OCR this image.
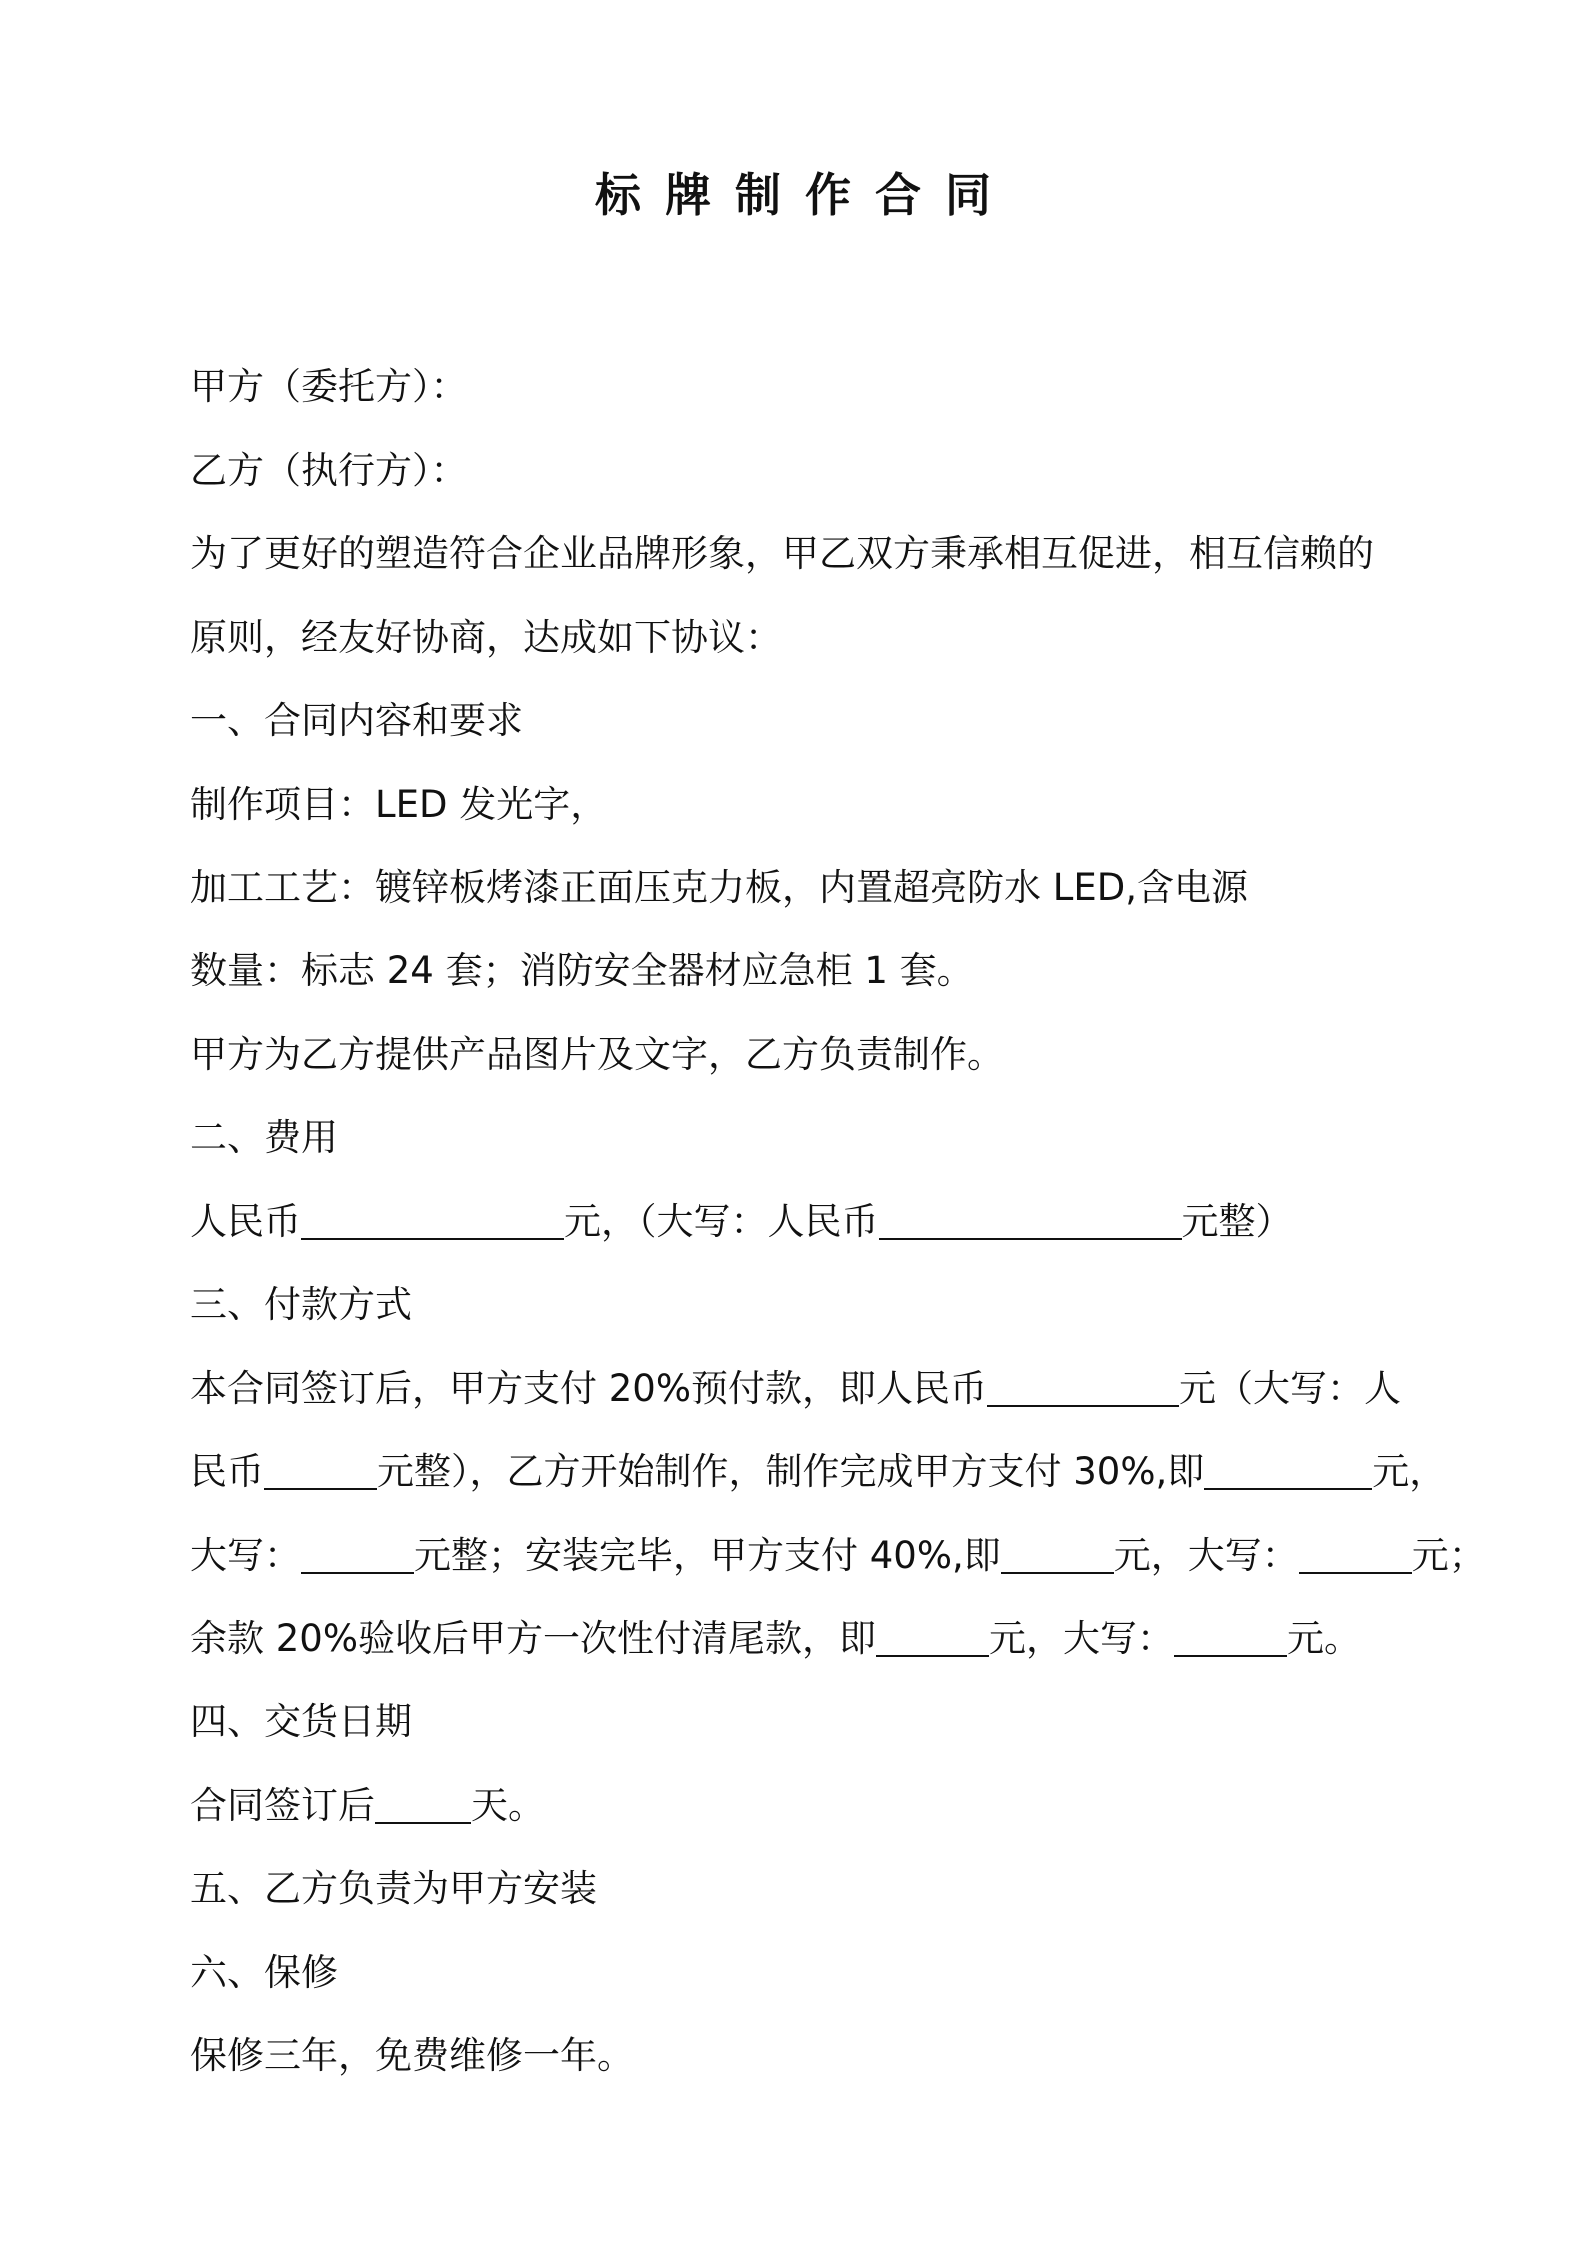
标牌制作合同
甲方（委托方）：
乙方（执行方）：
为了更好的塑造符合企业品牌形象，甲乙双方秉承相互促进，相互信赖的
原则，经友好协商，达成如下协议：
一、合同内容和要求
制作项目：LED 发光字，
加工工艺：镀锌板烤漆正面压克力板，内置超亮防水 LED,含电源
数量：标志 24 套；消防安全器材应急柜 1 套。
甲方为乙方提供产品图片及文字，乙方负责制作。
二、费用
人民币	元，（大写：人民币	元整）
三、付款方式
本合同签订后，甲方支付 20%预付款，即人民币	元（大写：人
民币	元整），乙方开始制作，制作完成甲方支付 30%,即	元，
大写：	元整；安装完毕，甲方支付 40%,即	元，大写：	元；
余款 20%验收后甲方一次性付清尾款，即	元，大写：	元。
四、交货日期
合同签订后	天。
五、乙方负责为甲方安装
六、保修
保修三年，免费维修一年。
